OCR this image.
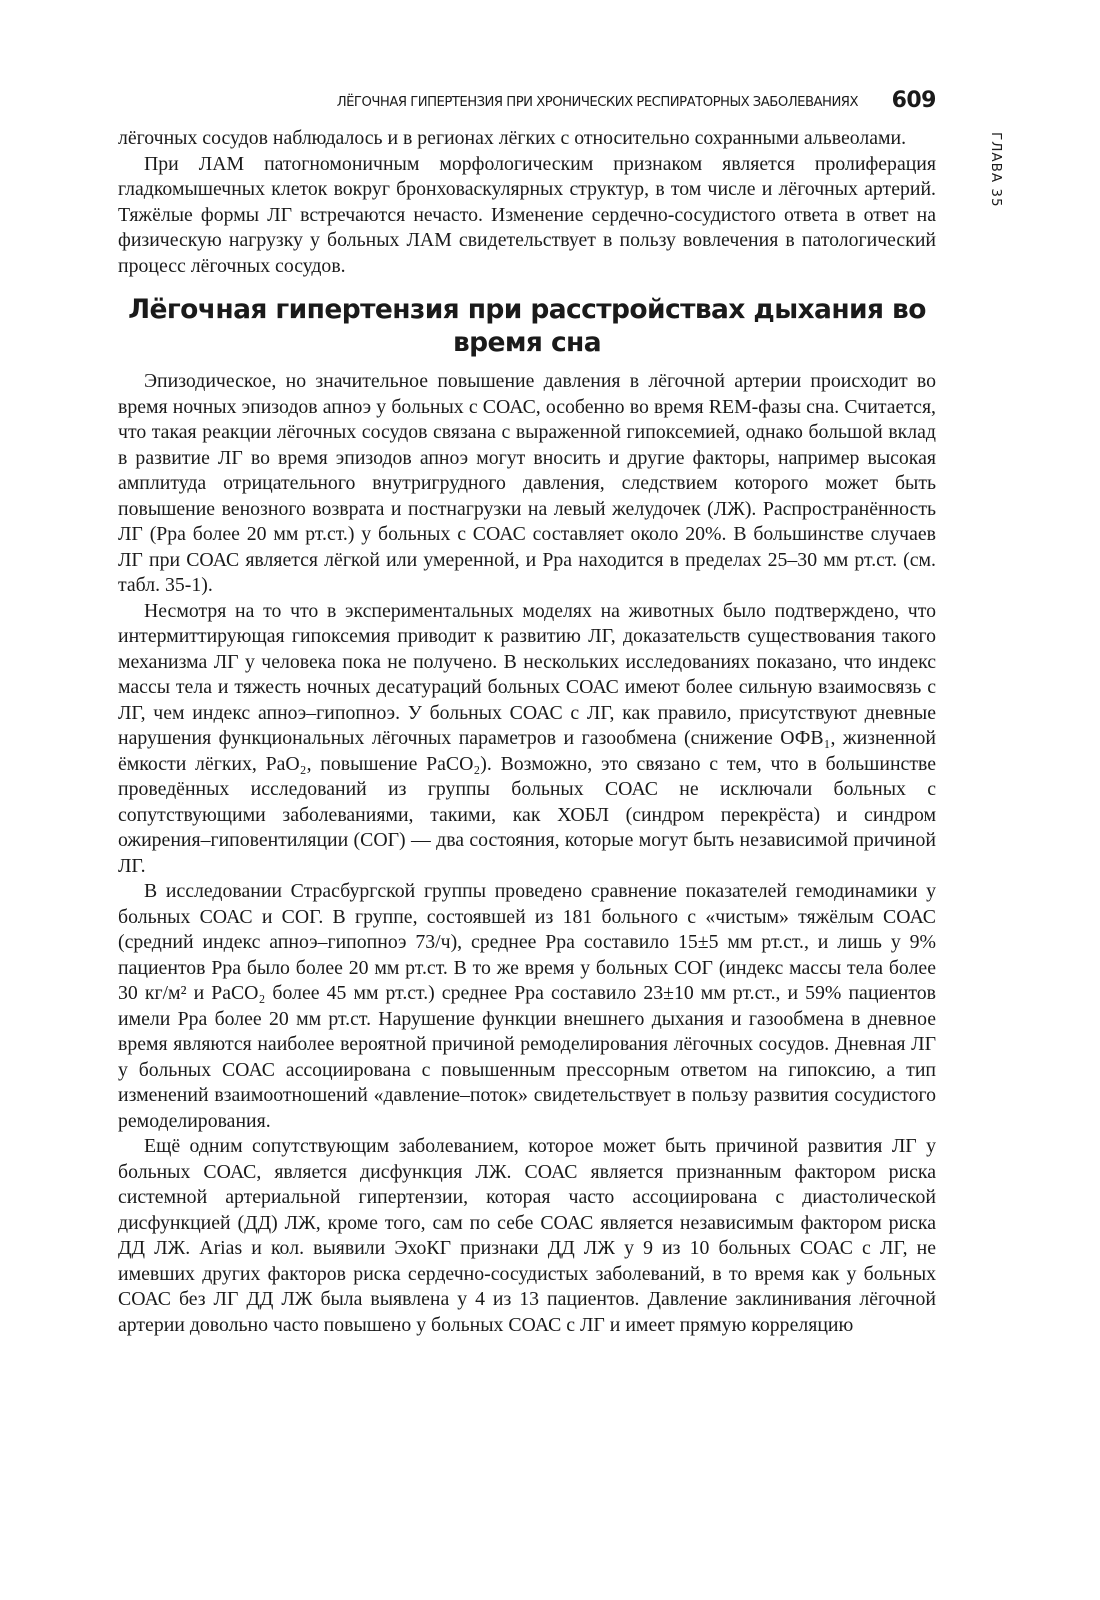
ЛЁГОЧНАЯ ГИПЕРТЕНЗИЯ ПРИ ХРОНИЧЕСКИХ РЕСПИРАТОРНЫХ ЗАБОЛЕВАНИЯХ 609
ГЛАВА 35

лёгочных сосудов наблюдалось и в регионах лёгких с относительно сохранными альвеолами.

При ЛАМ патогномоничным морфологическим признаком является пролиферация гладкомышечных клеток вокруг бронховаскулярных структур, в том числе и лёгочных артерий. Тяжёлые формы ЛГ встречаются нечасто. Изменение сердечно-сосудистого ответа в ответ на физическую нагрузку у больных ЛАМ свидетельствует в пользу вовлечения в патологический процесс лёгочных сосудов.

Лёгочная гипертензия при расстройствах дыхания во время сна

Эпизодическое, но значительное повышение давления в лёгочной артерии происходит во время ночных эпизодов апноэ у больных с СОАС, особенно во время REM-фазы сна. Считается, что такая реакции лёгочных сосудов связана с выраженной гипоксемией, однако большой вклад в развитие ЛГ во время эпизодов апноэ могут вносить и другие факторы, например высокая амплитуда отрицательного внутригрудного давления, следствием которого может быть повышение венозного возврата и постнагрузки на левый желудочек (ЛЖ). Распространённость ЛГ (Ppa более 20 мм рт.ст.) у больных с СОАС составляет около 20%. В большинстве случаев ЛГ при СОАС является лёгкой или умеренной, и Ppa находится в пределах 25–30 мм рт.ст. (см. табл. 35-1).

Несмотря на то что в экспериментальных моделях на животных было подтверждено, что интермиттирующая гипоксемия приводит к развитию ЛГ, доказательств существования такого механизма ЛГ у человека пока не получено. В нескольких исследованиях показано, что индекс массы тела и тяжесть ночных десатураций больных СОАС имеют более сильную взаимосвязь с ЛГ, чем индекс апноэ–гипопноэ. У больных СОАС с ЛГ, как правило, присутствуют дневные нарушения функциональных лёгочных параметров и газообмена (снижение ОФВ₁, жизненной ёмкости лёгких, PaO₂, повышение PaCO₂). Возможно, это связано с тем, что в большинстве проведённых исследований из группы больных СОАС не исключали больных с сопутствующими заболеваниями, такими, как ХОБЛ (синдром перекрёста) и синдром ожирения–гиповентиляции (СОГ) — два состояния, которые могут быть независимой причиной ЛГ.

В исследовании Страсбургской группы проведено сравнение показателей гемодинамики у больных СОАС и СОГ. В группе, состоявшей из 181 больного с «чистым» тяжёлым СОАС (средний индекс апноэ–гипопноэ 73/ч), среднее Ppa составило 15±5 мм рт.ст., и лишь у 9% пациентов Ppa было более 20 мм рт.ст. В то же время у больных СОГ (индекс массы тела более 30 кг/м² и PaCO₂ более 45 мм рт.ст.) среднее Ppa составило 23±10 мм рт.ст., и 59% пациентов имели Ppa более 20 мм рт.ст. Нарушение функции внешнего дыхания и газообмена в дневное время являются наиболее вероятной причиной ремоделирования лёгочных сосудов. Дневная ЛГ у больных СОАС ассоциирована с повышенным прессорным ответом на гипоксию, а тип изменений взаимоотношений «давление–поток» свидетельствует в пользу развития сосудистого ремоделирования.

Ещё одним сопутствующим заболеванием, которое может быть причиной развития ЛГ у больных СОАС, является дисфункция ЛЖ. СОАС является признанным фактором риска системной артериальной гипертензии, которая часто ассоциирована с диастолической дисфункцией (ДД) ЛЖ, кроме того, сам по себе СОАС является независимым фактором риска ДД ЛЖ. Arias и кол. выявили ЭхоКГ признаки ДД ЛЖ у 9 из 10 больных СОАС с ЛГ, не имевших других факторов риска сердечно-сосудистых заболеваний, в то время как у больных СОАС без ЛГ ДД ЛЖ была выявлена у 4 из 13 пациентов. Давление заклинивания лёгочной артерии довольно часто повышено у больных СОАС с ЛГ и имеет прямую корреляцию
